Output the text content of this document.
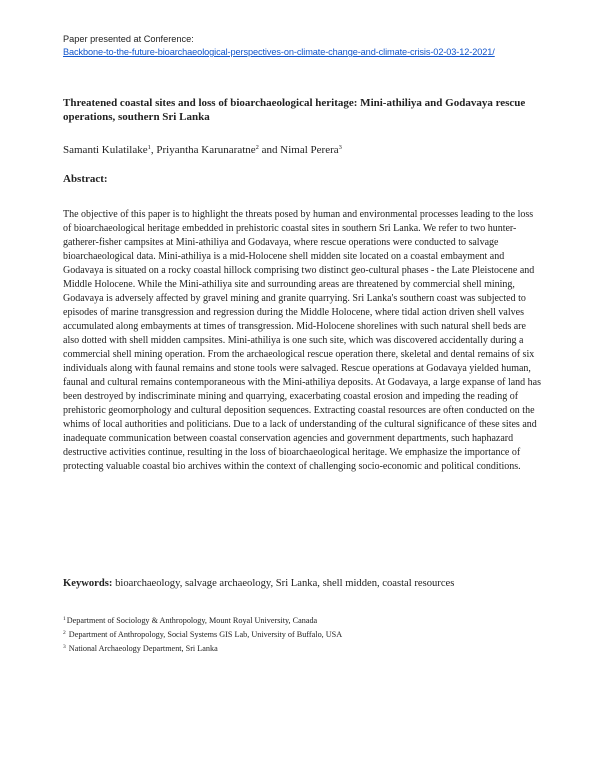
Paper presented at Conference:
Backbone-to-the-future-bioarchaeological-perspectives-on-climate-change-and-climate-crisis-02-03-12-2021/
Threatened coastal sites and loss of bioarchaeological heritage: Mini-athiliya and Godavaya rescue operations, southern Sri Lanka
Samanti Kulatilake$^1$, Priyantha Karunaratne$^2$ and Nimal Perera$^3$
Abstract:

The objective of this paper is to highlight the threats posed by human and environmental processes leading to the loss of bioarchaeological heritage embedded in prehistoric coastal sites in southern Sri Lanka. We refer to two hunter-gatherer-fisher campsites at Mini-athiliya and Godavaya, where rescue operations were conducted to salvage bioarchaeological data. Mini-athiliya is a mid-Holocene shell midden site located on a coastal embayment and Godavaya is situated on a rocky coastal hillock comprising two distinct geo-cultural phases - the Late Pleistocene and Middle Holocene. While the Mini-athiliya site and surrounding areas are threatened by commercial shell mining, Godavaya is adversely affected by gravel mining and granite quarrying. Sri Lanka's southern coast was subjected to episodes of marine transgression and regression during the Middle Holocene, where tidal action driven shell valves accumulated along embayments at times of transgression. Mid-Holocene shorelines with such natural shell beds are also dotted with shell midden campsites. Mini-athiliya is one such site, which was discovered accidentally during a commercial shell mining operation. From the archaeological rescue operation there, skeletal and dental remains of six individuals along with faunal remains and stone tools were salvaged. Rescue operations at Godavaya yielded human, faunal and cultural remains contemporaneous with the Mini-athiliya deposits. At Godavaya, a large expanse of land has been destroyed by indiscriminate mining and quarrying, exacerbating coastal erosion and impeding the reading of prehistoric geomorphology and cultural deposition sequences. Extracting coastal resources are often conducted on the whims of local authorities and politicians. Due to a lack of understanding of the cultural significance of these sites and inadequate communication between coastal conservation agencies and government departments, such haphazard destructive activities continue, resulting in the loss of bioarchaeological heritage. We emphasize the importance of protecting valuable coastal bio archives within the context of challenging socio-economic and political conditions.

Keywords: bioarchaeology, salvage archaeology, Sri Lanka, shell midden, coastal resources
$^1$Department of Sociology & Anthropology, Mount Royal University, Canada
$^2$ Department of Anthropology, Social Systems GIS Lab, University of Buffalo, USA
$^3$ National Archaeology Department, Sri Lanka
